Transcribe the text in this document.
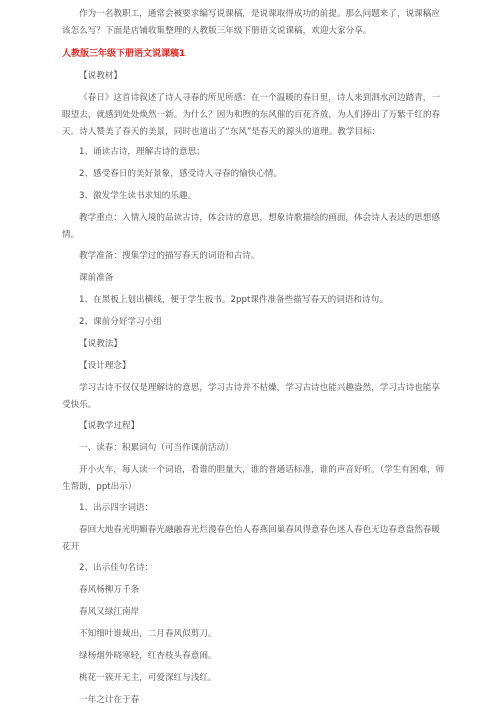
作为一名教职工，通常会被要求编写说课稿，是说课取得成功的前提。那么问题来了，说课稿应该怎么写？下面是店铺收集整理的人教版三年级下册语文说课稿，欢迎大家分享。
人教版三年级下册语文说课稿1
【说教材】
《春日》这首诗叙述了诗人寻春的所见所感：在一个温暖的春日里，诗人来到泗水河边踏青，一眼望去，就感到处处焕然一新。为什么？因为和煦的东风催的百花齐放，为人们捧出了万紫千红的春天。诗人赞美了春天的美景，同时也道出了“东风”是春天的源头的道理。教学目标：
1、诵读古诗，理解古诗的意思；
2、感受春日的美好景象，感受诗人寻春的愉快心情。
3、激发学生读书求知的乐趣。
教学重点：入情入境的品读古诗，体会诗的意思，想象诗歌描绘的画面，体会诗人表达的思想感情。
教学准备：搜集学过的描写春天的词语和古诗。
课前准备
1、在黑板上划出横线，便于学生板书。2ppt课件准备些描写春天的词语和诗句。
2、课前分好学习小组
【说教法】
【设计理念】
学习古诗不仅仅是理解诗的意思，学习古诗并不枯燥，学习古诗也能兴趣盎然，学习古诗也能享受快乐。
【说教学过程】
一、读春：积累词句（可当作课前活动）
开小火车，每人读一个词语，看谁的胆量大，谁的普通话标准，谁的声音好听。（学生有困难，师生帮助，ppt出示）
1、出示四字词语：
春回大地春光明媚春光融融春光烂漫春色怡人春燕回巢春风得意春色迷人春色无边春意盎然春暖花开
2、出示佳句名诗：
春风杨柳万千条
春风又绿江南岸
不知细叶谁裁出，二月春风似剪刀。
绿杨烟外晓寒轻，红杏枝头春意闹。
桃花一簇开无主，可爱深红与浅红。
一年之计在于春
